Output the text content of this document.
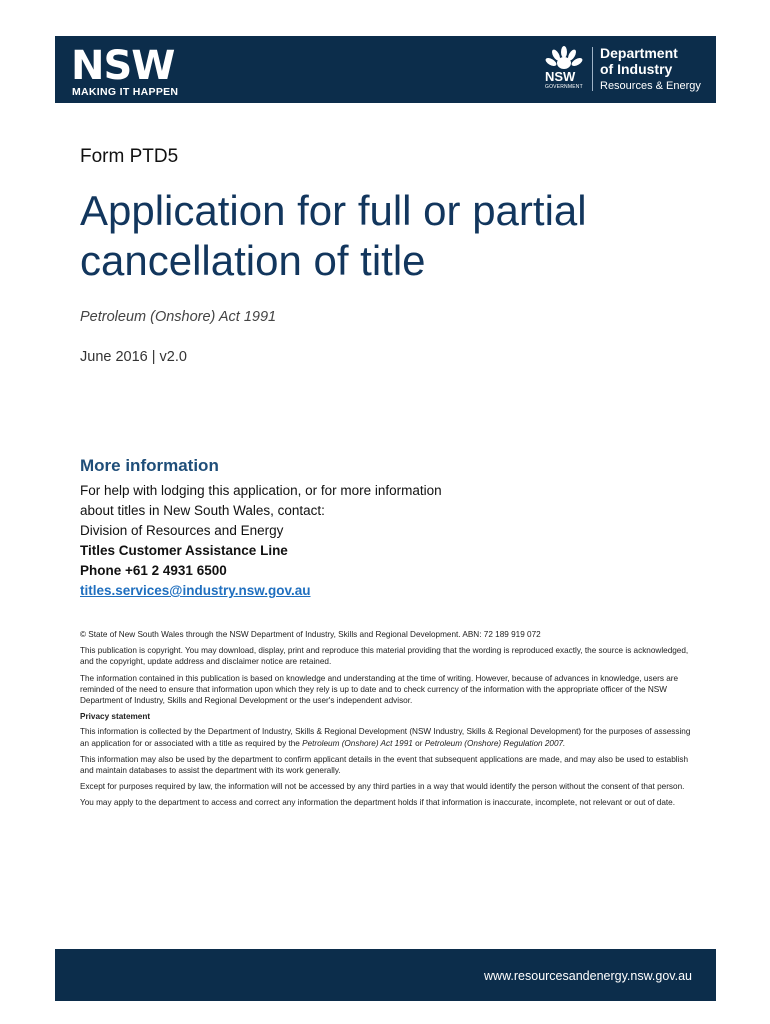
NSW
MAKING IT HAPPEN
NSW
GOVERNMENT
Department
of Industry
Resources & Energy
Form PTD5
Application for full or partial
cancellation of title
Petroleum (Onshore) Act 1991
June 2016 | v2.0
More information
For help with lodging this application, or for more information
about titles in New South Wales, contact:
Division of Resources and Energy
Titles Customer Assistance Line
Phone +61 2 4931 6500
titles.services@industry.nsw.gov.au

© State of New South Wales through the NSW Department of Industry, Skills and Regional Development. ABN: 72 189 919 072

This publication is copyright. You may download, display, print and reproduce this material providing that the wording is reproduced exactly, the source is acknowledged, and the copyright, update address and disclaimer notice are retained.

The information contained in this publication is based on knowledge and understanding at the time of writing. However, because of advances in knowledge, users are reminded of the need to ensure that information upon which they rely is up to date and to check currency of the information with the appropriate officer of the NSW Department of Industry, Skills and Regional Development or the user's independent advisor.

Privacy statement

This information is collected by the Department of Industry, Skills & Regional Development (NSW Industry, Skills & Regional Development) for the purposes of assessing an application for or associated with a title as required by the Petroleum (Onshore) Act 1991 or Petroleum (Onshore) Regulation 2007.

This information may also be used by the department to confirm applicant details in the event that subsequent applications are made, and may also be used to establish and maintain databases to assist the department with its work generally.

Except for purposes required by law, the information will not be accessed by any third parties in a way that would identify the person without the consent of that person.

You may apply to the department to access and correct any information the department holds if that information is inaccurate, incomplete, not relevant or out of date.

www.resourcesandenergy.nsw.gov.au
